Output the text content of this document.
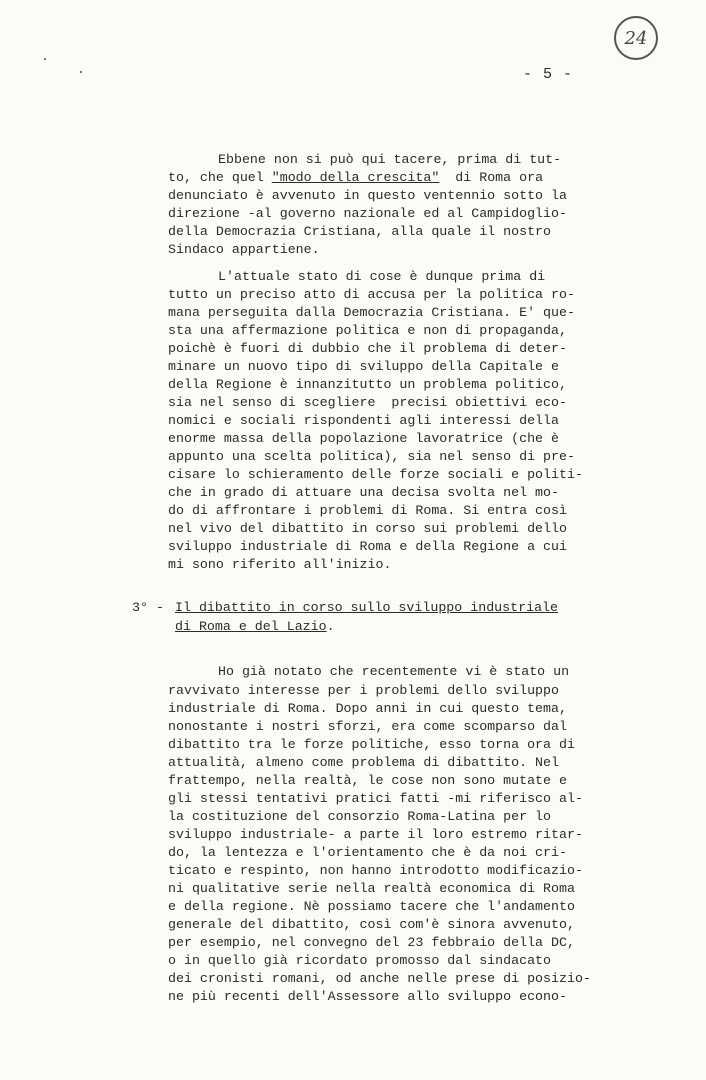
24
- 5 -
Ebbene non si può qui tacere, prima di tut-
to, che quel "modo della crescita"  di Roma ora
denunciato è avvenuto in questo ventennio sotto la
direzione -al governo nazionale ed al Campidoglio-
della Democrazia Cristiana, alla quale il nostro
Sindaco appartiene.
L'attuale stato di cose è dunque prima di
tutto un preciso atto di accusa per la politica ro-
mana perseguita dalla Democrazia Cristiana. E' que-
sta una affermazione politica e non di propaganda,
poichè è fuori di dubbio che il problema di deter-
minare un nuovo tipo di sviluppo della Capitale e
della Regione è innanzitutto un problema politico,
sia nel senso di scegliere  precisi obiettivi eco-
nomici e sociali rispondenti agli interessi della
enorme massa della popolazione lavoratrice (che è
appunto una scelta politica), sia nel senso di pre-
cisare lo schieramento delle forze sociali e politi-
che in grado di attuare una decisa svolta nel mo-
do di affrontare i problemi di Roma. Si entra così
nel vivo del dibattito in corso sui problemi dello
sviluppo industriale di Roma e della Regione a cui
mi sono riferito all'inizio.
3° - Il dibattito in corso sullo sviluppo industriale
di Roma e del Lazio.
Ho già notato che recentemente vi è stato un
ravvivato interesse per i problemi dello sviluppo
industriale di Roma. Dopo anni in cui questo tema,
nonostante i nostri sforzi, era come scomparso dal
dibattito tra le forze politiche, esso torna ora di
attualità, almeno come problema di dibattito. Nel
frattempo, nella realtà, le cose non sono mutate e
gli stessi tentativi pratici fatti -mi riferisco al-
la costituzione del consorzio Roma-Latina per lo
sviluppo industriale- a parte il loro estremo ritar-
do, la lentezza e l'orientamento che è da noi cri-
ticato e respinto, non hanno introdotto modificazio-
ni qualitative serie nella realtà economica di Roma
e della regione. Nè possiamo tacere che l'andamento
generale del dibattito, così com'è sinora avvenuto,
per esempio, nel convegno del 23 febbraio della DC,
o in quello già ricordato promosso dal sindacato
dei cronisti romani, od anche nelle prese di posizio-
ne più recenti dell'Assessore allo sviluppo econo-
